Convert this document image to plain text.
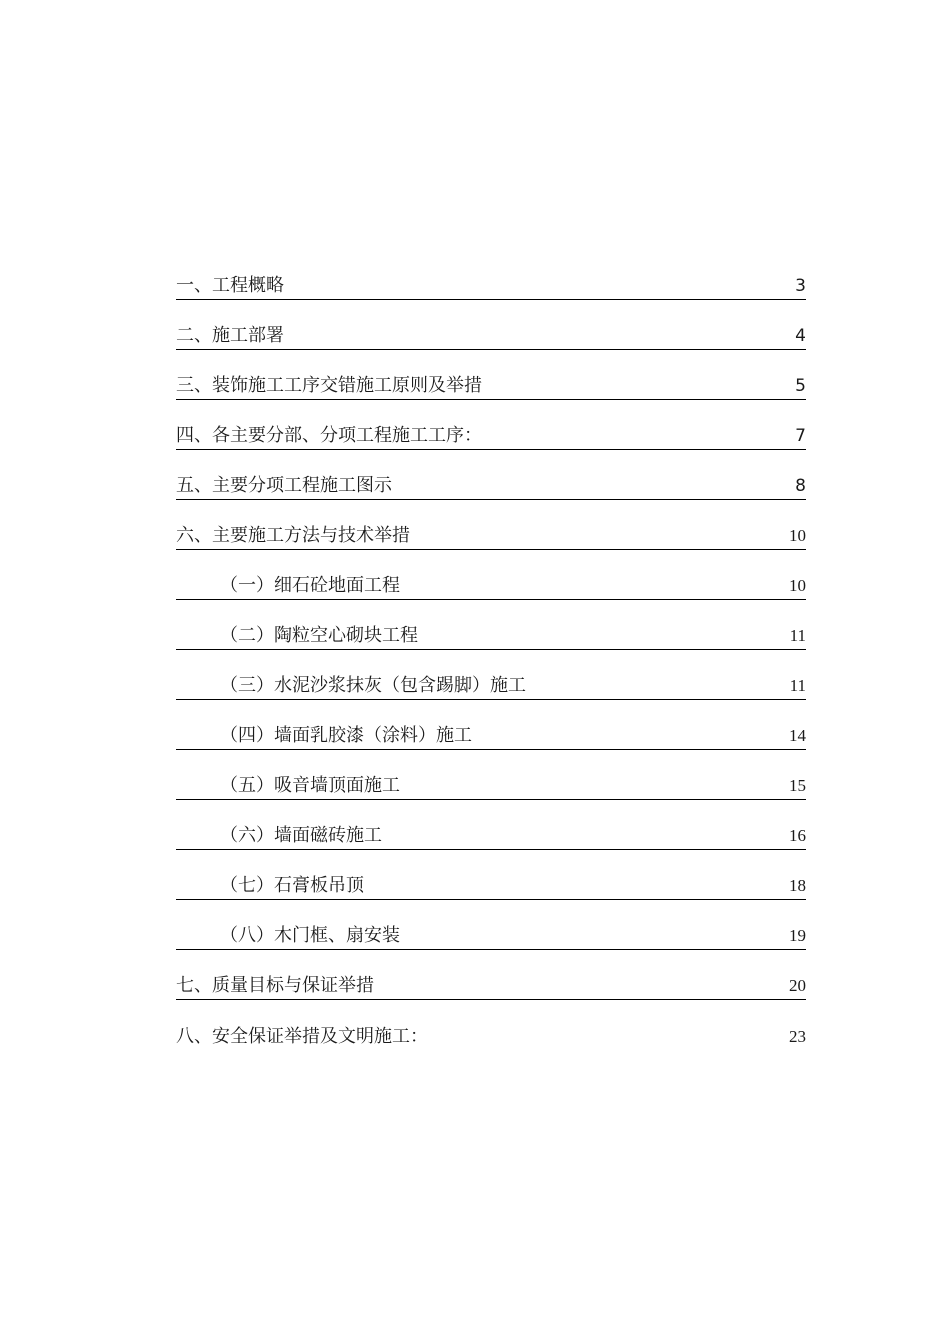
一、工程概略	3
二、施工部署	4
三、装饰施工工序交错施工原则及举措	5
四、各主要分部、分项工程施工工序：	7
五、主要分项工程施工图示	8
六、主要施工方法与技术举措	10
（一）细石砼地面工程	10
（二）陶粒空心砌块工程	11
（三）水泥沙浆抹灰（包含踢脚）施工	11
（四）墙面乳胶漆（涂料）施工	14
（五）吸音墙顶面施工	15
（六）墙面磁砖施工	16
（七）石膏板吊顶	18
（八）木门框、扇安装	19
七、质量目标与保证举措	20
八、安全保证举措及文明施工：	23
